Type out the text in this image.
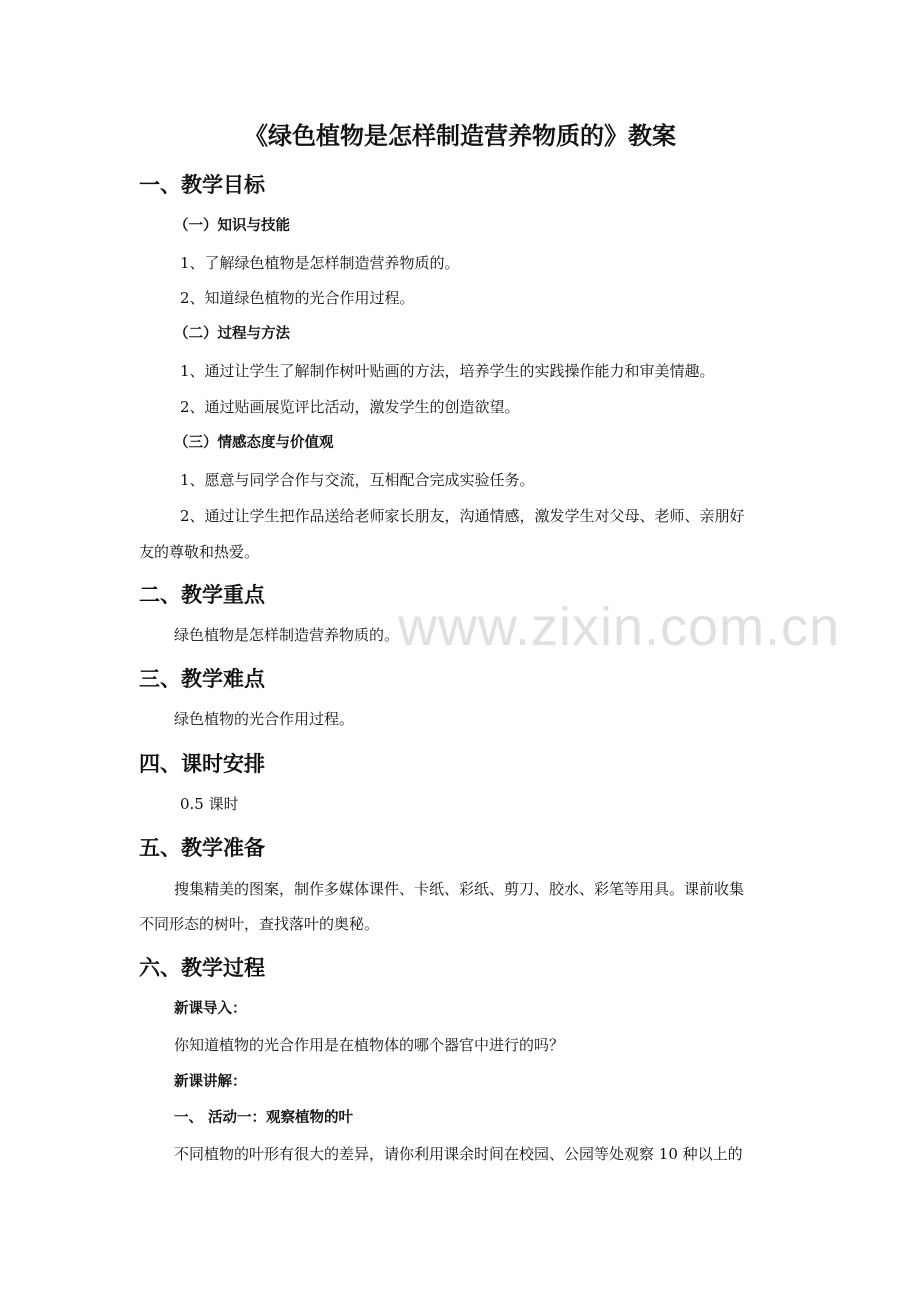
《绿色植物是怎样制造营养物质的》教案
一、教学目标
（一）知识与技能
1、了解绿色植物是怎样制造营养物质的。
2、知道绿色植物的光合作用过程。
（二）过程与方法
1、通过让学生了解制作树叶贴画的方法，培养学生的实践操作能力和审美情趣。
2、通过贴画展览评比活动，激发学生的创造欲望。
（三）情感态度与价值观
1、愿意与同学合作与交流，互相配合完成实验任务。
2、通过让学生把作品送给老师家长朋友，沟通情感，激发学生对父母、老师、亲朋好
友的尊敬和热爱。
二、教学重点
绿色植物是怎样制造营养物质的。
三、教学难点
绿色植物的光合作用过程。
四、课时安排
0.5 课时
五、教学准备
搜集精美的图案，制作多媒体课件、卡纸、彩纸、剪刀、胶水、彩笔等用具。课前收集
不同形态的树叶，查找落叶的奥秘。
六、教学过程
新课导入：
你知道植物的光合作用是在植物体的哪个器官中进行的吗？
新课讲解：
一、 活动一：观察植物的叶
不同植物的叶形有很大的差异，请你利用课余时间在校园、公园等处观察 10 种以上的
www.zixin.com.cn
